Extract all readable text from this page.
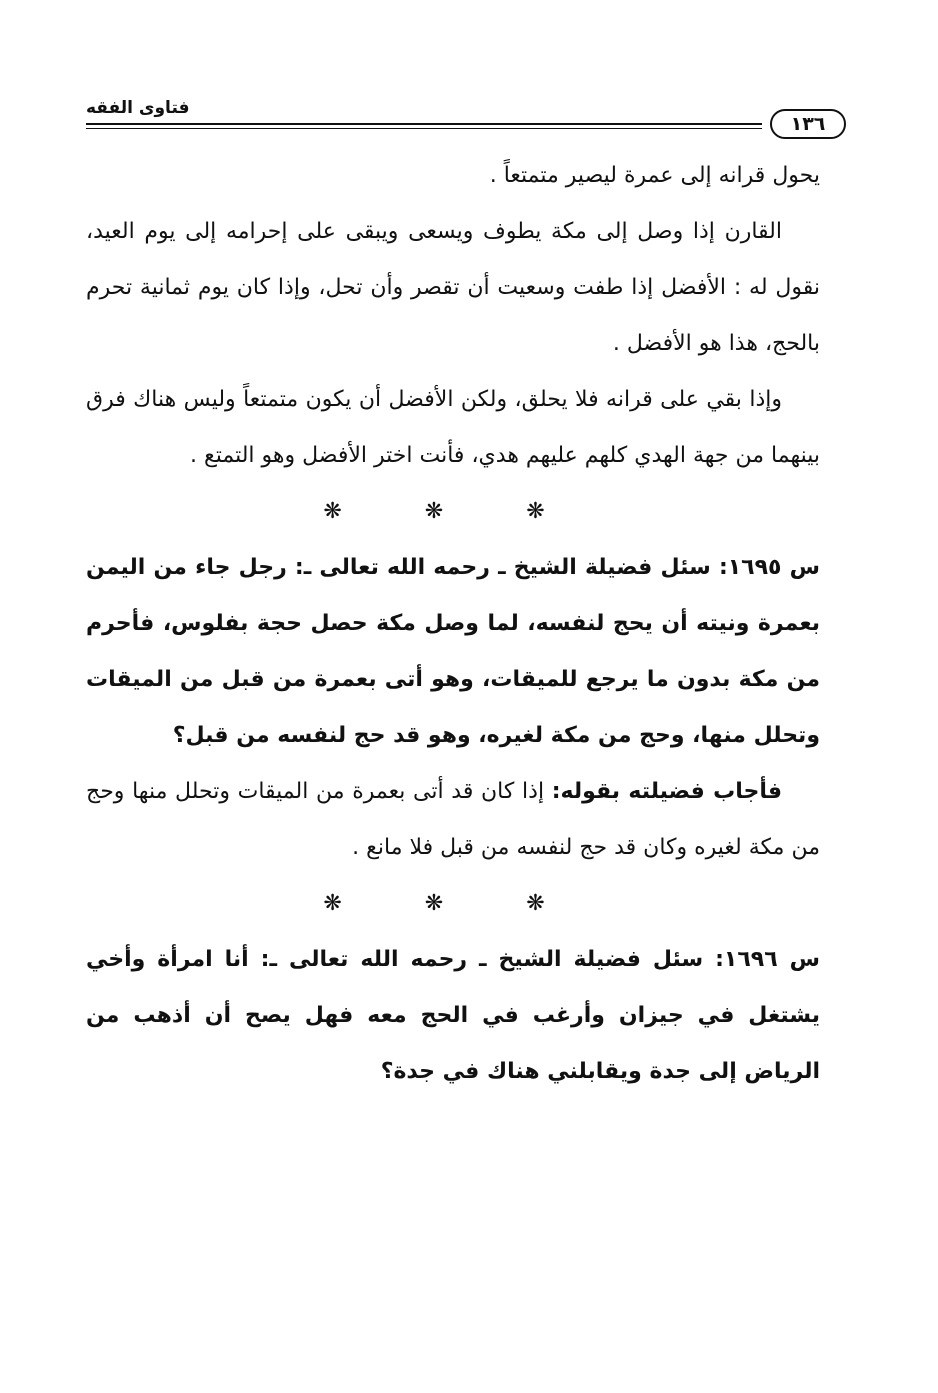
فتاوى الفقه
١٣٦

يحول قرانه إلى عمرة ليصير متمتعاً .

القارن إذا وصل إلى مكة يطوف ويسعى ويبقى على إحرامه إلى يوم العيد، نقول له : الأفضل إذا طفت وسعيت أن تقصر وأن تحل، وإذا كان يوم ثمانية تحرم بالحج، هذا هو الأفضل .

وإذا بقي على قرانه فلا يحلق، ولكن الأفضل أن يكون متمتعاً وليس هناك فرق بينهما من جهة الهدي كلهم عليهم هدي، فأنت اختر الأفضل وهو التمتع .

❋ ❋ ❋

س ١٦٩٥: سئل فضيلة الشيخ ـ رحمه الله تعالى ـ: رجل جاء من اليمن بعمرة ونيته أن يحج لنفسه، لما وصل مكة حصل حجة بفلوس، فأحرم من مكة بدون ما يرجع للميقات، وهو أتى بعمرة من قبل من الميقات وتحلل منها، وحج من مكة لغيره، وهو قد حج لنفسه من قبل؟

فأجاب فضيلته بقوله: إذا كان قد أتى بعمرة من الميقات وتحلل منها وحج من مكة لغيره وكان قد حج لنفسه من قبل فلا مانع .

❋ ❋ ❋

س ١٦٩٦: سئل فضيلة الشيخ ـ رحمه الله تعالى ـ: أنا امرأة وأخي يشتغل في جيزان وأرغب في الحج معه فهل يصح أن أذهب من الرياض إلى جدة ويقابلني هناك في جدة؟
